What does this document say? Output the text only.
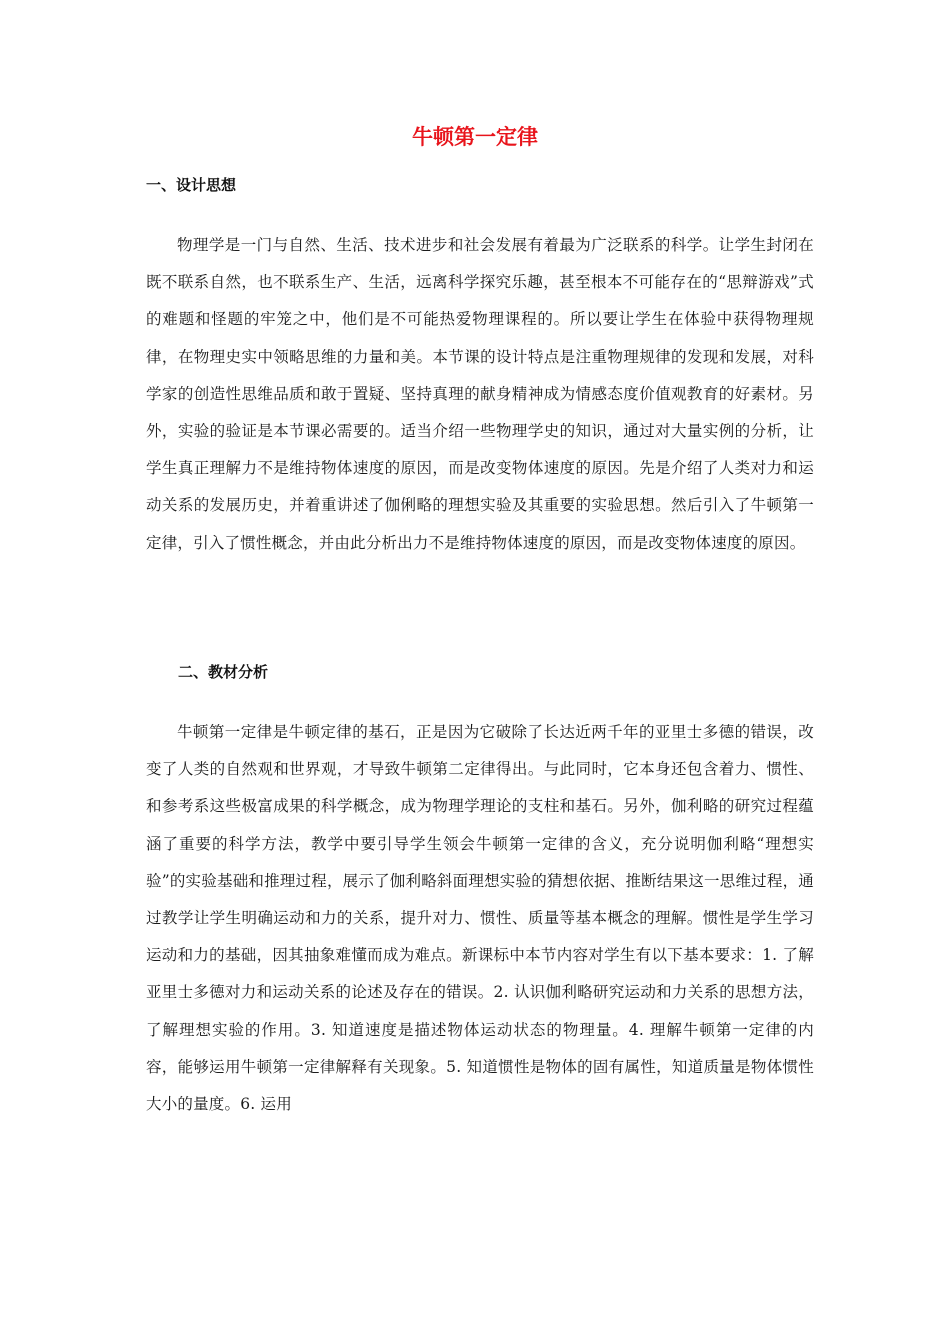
牛顿第一定律
一、设计思想

物理学是一门与自然、生活、技术进步和社会发展有着最为广泛联系的科学。让学生封闭在既不联系自然，也不联系生产、生活，远离科学探究乐趣，甚至根本不可能存在的“思辩游戏”式的难题和怪题的牢笼之中，他们是不可能热爱物理课程的。所以要让学生在体验中获得物理规律，在物理史实中领略思维的力量和美。本节课的设计特点是注重物理规律的发现和发展，对科学家的创造性思维品质和敢于置疑、坚持真理的献身精神成为情感态度价值观教育的好素材。另外，实验的验证是本节课必需要的。适当介绍一些物理学史的知识，通过对大量实例的分析，让学生真正理解力不是维持物体速度的原因，而是改变物体速度的原因。先是介绍了人类对力和运动关系的发展历史，并着重讲述了伽俐略的理想实验及其重要的实验思想。然后引入了牛顿第一定律，引入了惯性概念，并由此分析出力不是维持物体速度的原因，而是改变物体速度的原因。

二、教材分析

牛顿第一定律是牛顿定律的基石，正是因为它破除了长达近两千年的亚里士多德的错误，改变了人类的自然观和世界观，才导致牛顿第二定律得出。与此同时，它本身还包含着力、惯性、和参考系这些极富成果的科学概念，成为物理学理论的支柱和基石。另外，伽利略的研究过程蕴涵了重要的科学方法，教学中要引导学生领会牛顿第一定律的含义，充分说明伽利略“理想实验”的实验基础和推理过程，展示了伽利略斜面理想实验的猜想依据、推断结果这一思维过程，通过教学让学生明确运动和力的关系，提升对力、惯性、质量等基本概念的理解。惯性是学生学习运动和力的基础，因其抽象难懂而成为难点。新课标中本节内容对学生有以下基本要求：1. 了解亚里士多德对力和运动关系的论述及存在的错误。2. 认识伽利略研究运动和力关系的思想方法，了解理想实验的作用。3. 知道速度是描述物体运动状态的物理量。4. 理解牛顿第一定律的内容，能够运用牛顿第一定律解释有关现象。5. 知道惯性是物体的固有属性，知道质量是物体惯性大小的量度。6. 运用
